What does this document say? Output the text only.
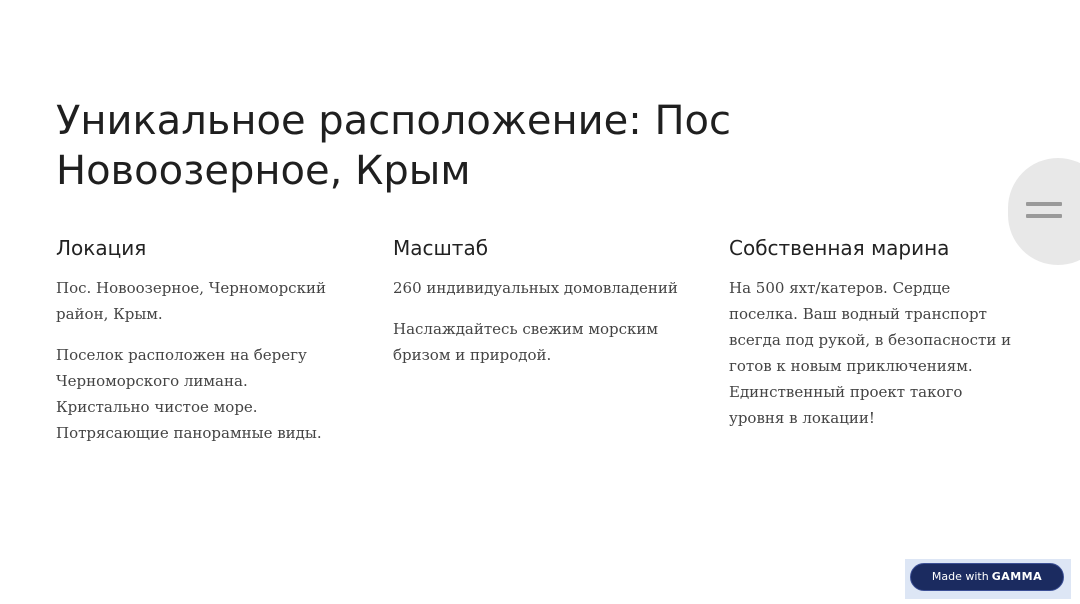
Уникальное расположение: Пос Новоозерное, Крым
Локация

Пос. Новоозерное, Черноморский район, Крым.

Поселок расположен на берегу Черноморского лимана. Кристально чистое море. Потрясающие панорамные виды.

Масштаб

260 индивидуальных домовладений

Наслаждайтесь свежим морским бризом и природой.

Собственная марина

На 500 яхт/катеров. Сердце поселка. Ваш водный транспорт всегда под рукой, в безопасности и готов к новым приключениям. Единственный проект такого уровня в локации!

Made with GAMMA
